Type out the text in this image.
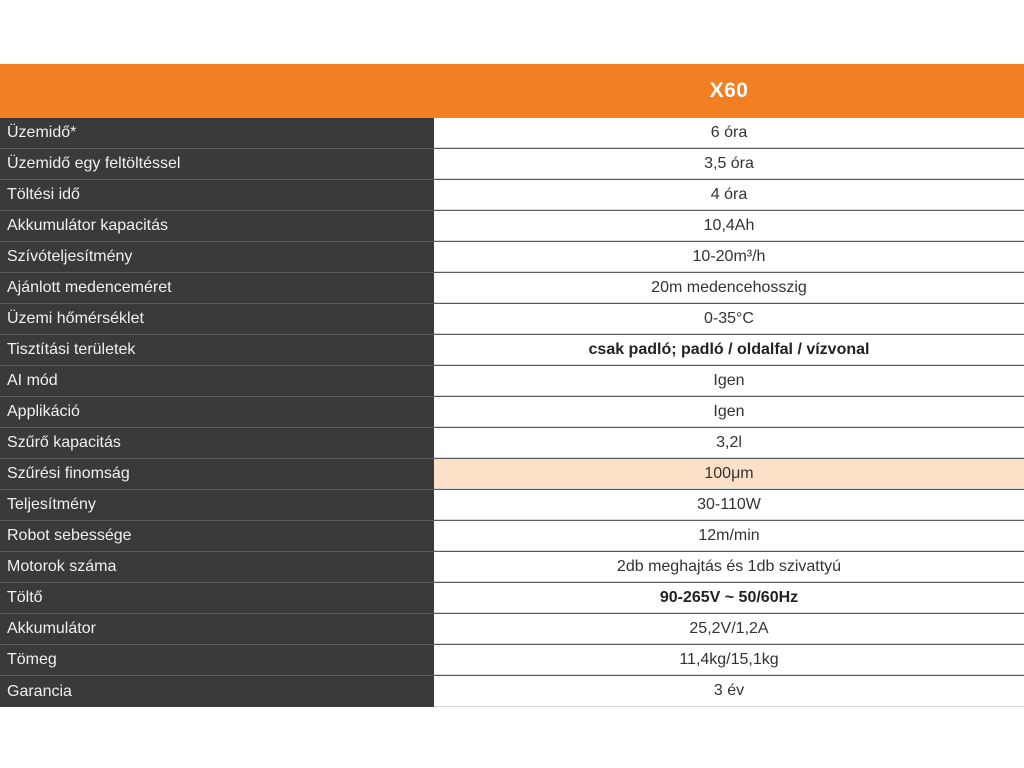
X60
Üzemidő*	6 óra
Üzemidő egy feltöltéssel	3,5 óra
Töltési idő	4 óra
Akkumulátor kapacitás	10,4Ah
Szívóteljesítmény	10-20m³/h
Ajánlott medenceméret	20m medencehosszig
Üzemi hőmérséklet	0-35°C
Tisztítási területek	csak padló; padló / oldalfal / vízvonal
AI mód	Igen
Applikáció	Igen
Szűrő kapacitás	3,2l
Szűrési finomság	100μm
Teljesítmény	30-110W
Robot sebessége	12m/min
Motorok száma	2db meghajtás és 1db szivattyú
Töltő	90-265V ~ 50/60Hz
Akkumulátor	25,2V/1,2A
Tömeg	11,4kg/15,1kg
Garancia	3 év
